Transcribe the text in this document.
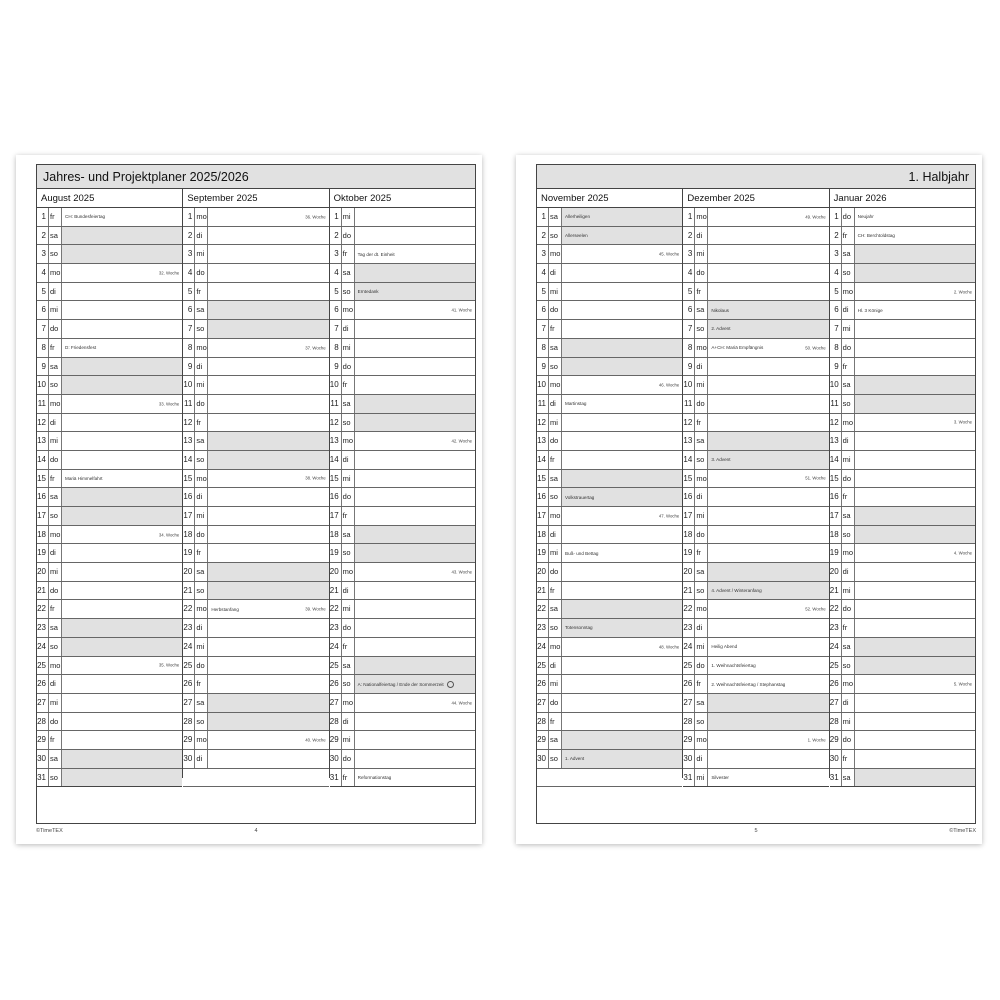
Jahres- und Projektplaner 2025/2026
August 2025
1 fr	CH: Bundesfeiertag
2 sa
3 so
4 mo	32. Woche
5 di
6 mi
7 do
8 fr	D: Friedensfest
9 sa
10 so
11 mo	33. Woche
12 di
13 mi
14 do
15 fr	Mariä Himmelfahrt
16 sa
17 so
18 mo	34. Woche
19 di
20 mi
21 do
22 fr
23 sa
24 so
25 mo	35. Woche
26 di
27 mi
28 do
29 fr
30 sa
31 so
September 2025
1 mo	36. Woche
2 di
3 mi
4 do
5 fr
6 sa
7 so
8 mo	37. Woche
9 di
10 mi
11 do
12 fr
13 sa
14 so
15 mo	38. Woche
16 di
17 mi
18 do
19 fr
20 sa
21 so
22 mo Herbstanfang	39. Woche
23 di
24 mi
25 do
26 fr
27 sa
28 so
29 mo	40. Woche
30 di
Oktober 2025
1 mi
2 do
3 fr	Tag der dt. Einheit
4 sa
5 so	Erntedank
6 mo	41. Woche
7 di
8 mi
9 do
10 fr
11 sa
12 so
13 mo	42. Woche
14 di
15 mi
16 do
17 fr
18 sa
19 so
20 mo	43. Woche
21 di
22 mi
23 do
24 fr
25 sa
26 so	A: Nationalfeiertag / Ende der Sommerzeit
27 mo	44. Woche
28 di
29 mi
30 do
31 fr	Reformationstag
©TimeTEX	4
1. Halbjahr
November 2025
1 sa	Allerheiligen
2 so	Allerseelen
3 mo	45. Woche
4 di
5 mi
6 do
7 fr
8 sa
9 so
10 mo	46. Woche
11 di	Martinstag
12 mi
13 do
14 fr
15 sa
16 so	Volkstrauertag
17 mo	47. Woche
18 di
19 mi	Buß- und Bettag
20 do
21 fr
22 sa
23 so	Totensonntag
24 mo	48. Woche
25 di
26 mi
27 do
28 fr
29 sa
30 so	1. Advent
Dezember 2025
1 mo	49. Woche
2 di
3 mi
4 do
5 fr
6 sa	Nikolaus
7 so	2. Advent
8 mo A+CH: Mariä Empfängnis	50. Woche
9 di
10 mi
11 do
12 fr
13 sa
14 so	3. Advent
15 mo	51. Woche
16 di
17 mi
18 do
19 fr
20 sa
21 so	4. Advent / Winteranfang
22 mo	52. Woche
23 di
24 mi	Heilig Abend
25 do	1. Weihnachtsfeiertag
26 fr	2. Weihnachtsfeiertag / Stephanstag
27 sa
28 so
29 mo	1. Woche
30 di
31 mi	Silvester
Januar 2026
1 do	Neujahr
2 fr	CH: Berchtoldstag
3 sa
4 so
5 mo	2. Woche
6 di	Hl. 3 Könige
7 mi
8 do
9 fr
10 sa
11 so
12 mo	3. Woche
13 di
14 mi
15 do
16 fr
17 sa
18 so
19 mo	4. Woche
20 di
21 mi
22 do
23 fr
24 sa
25 so
26 mo	5. Woche
27 di
28 mi
29 do
30 fr
31 sa
5	©TimeTEX
